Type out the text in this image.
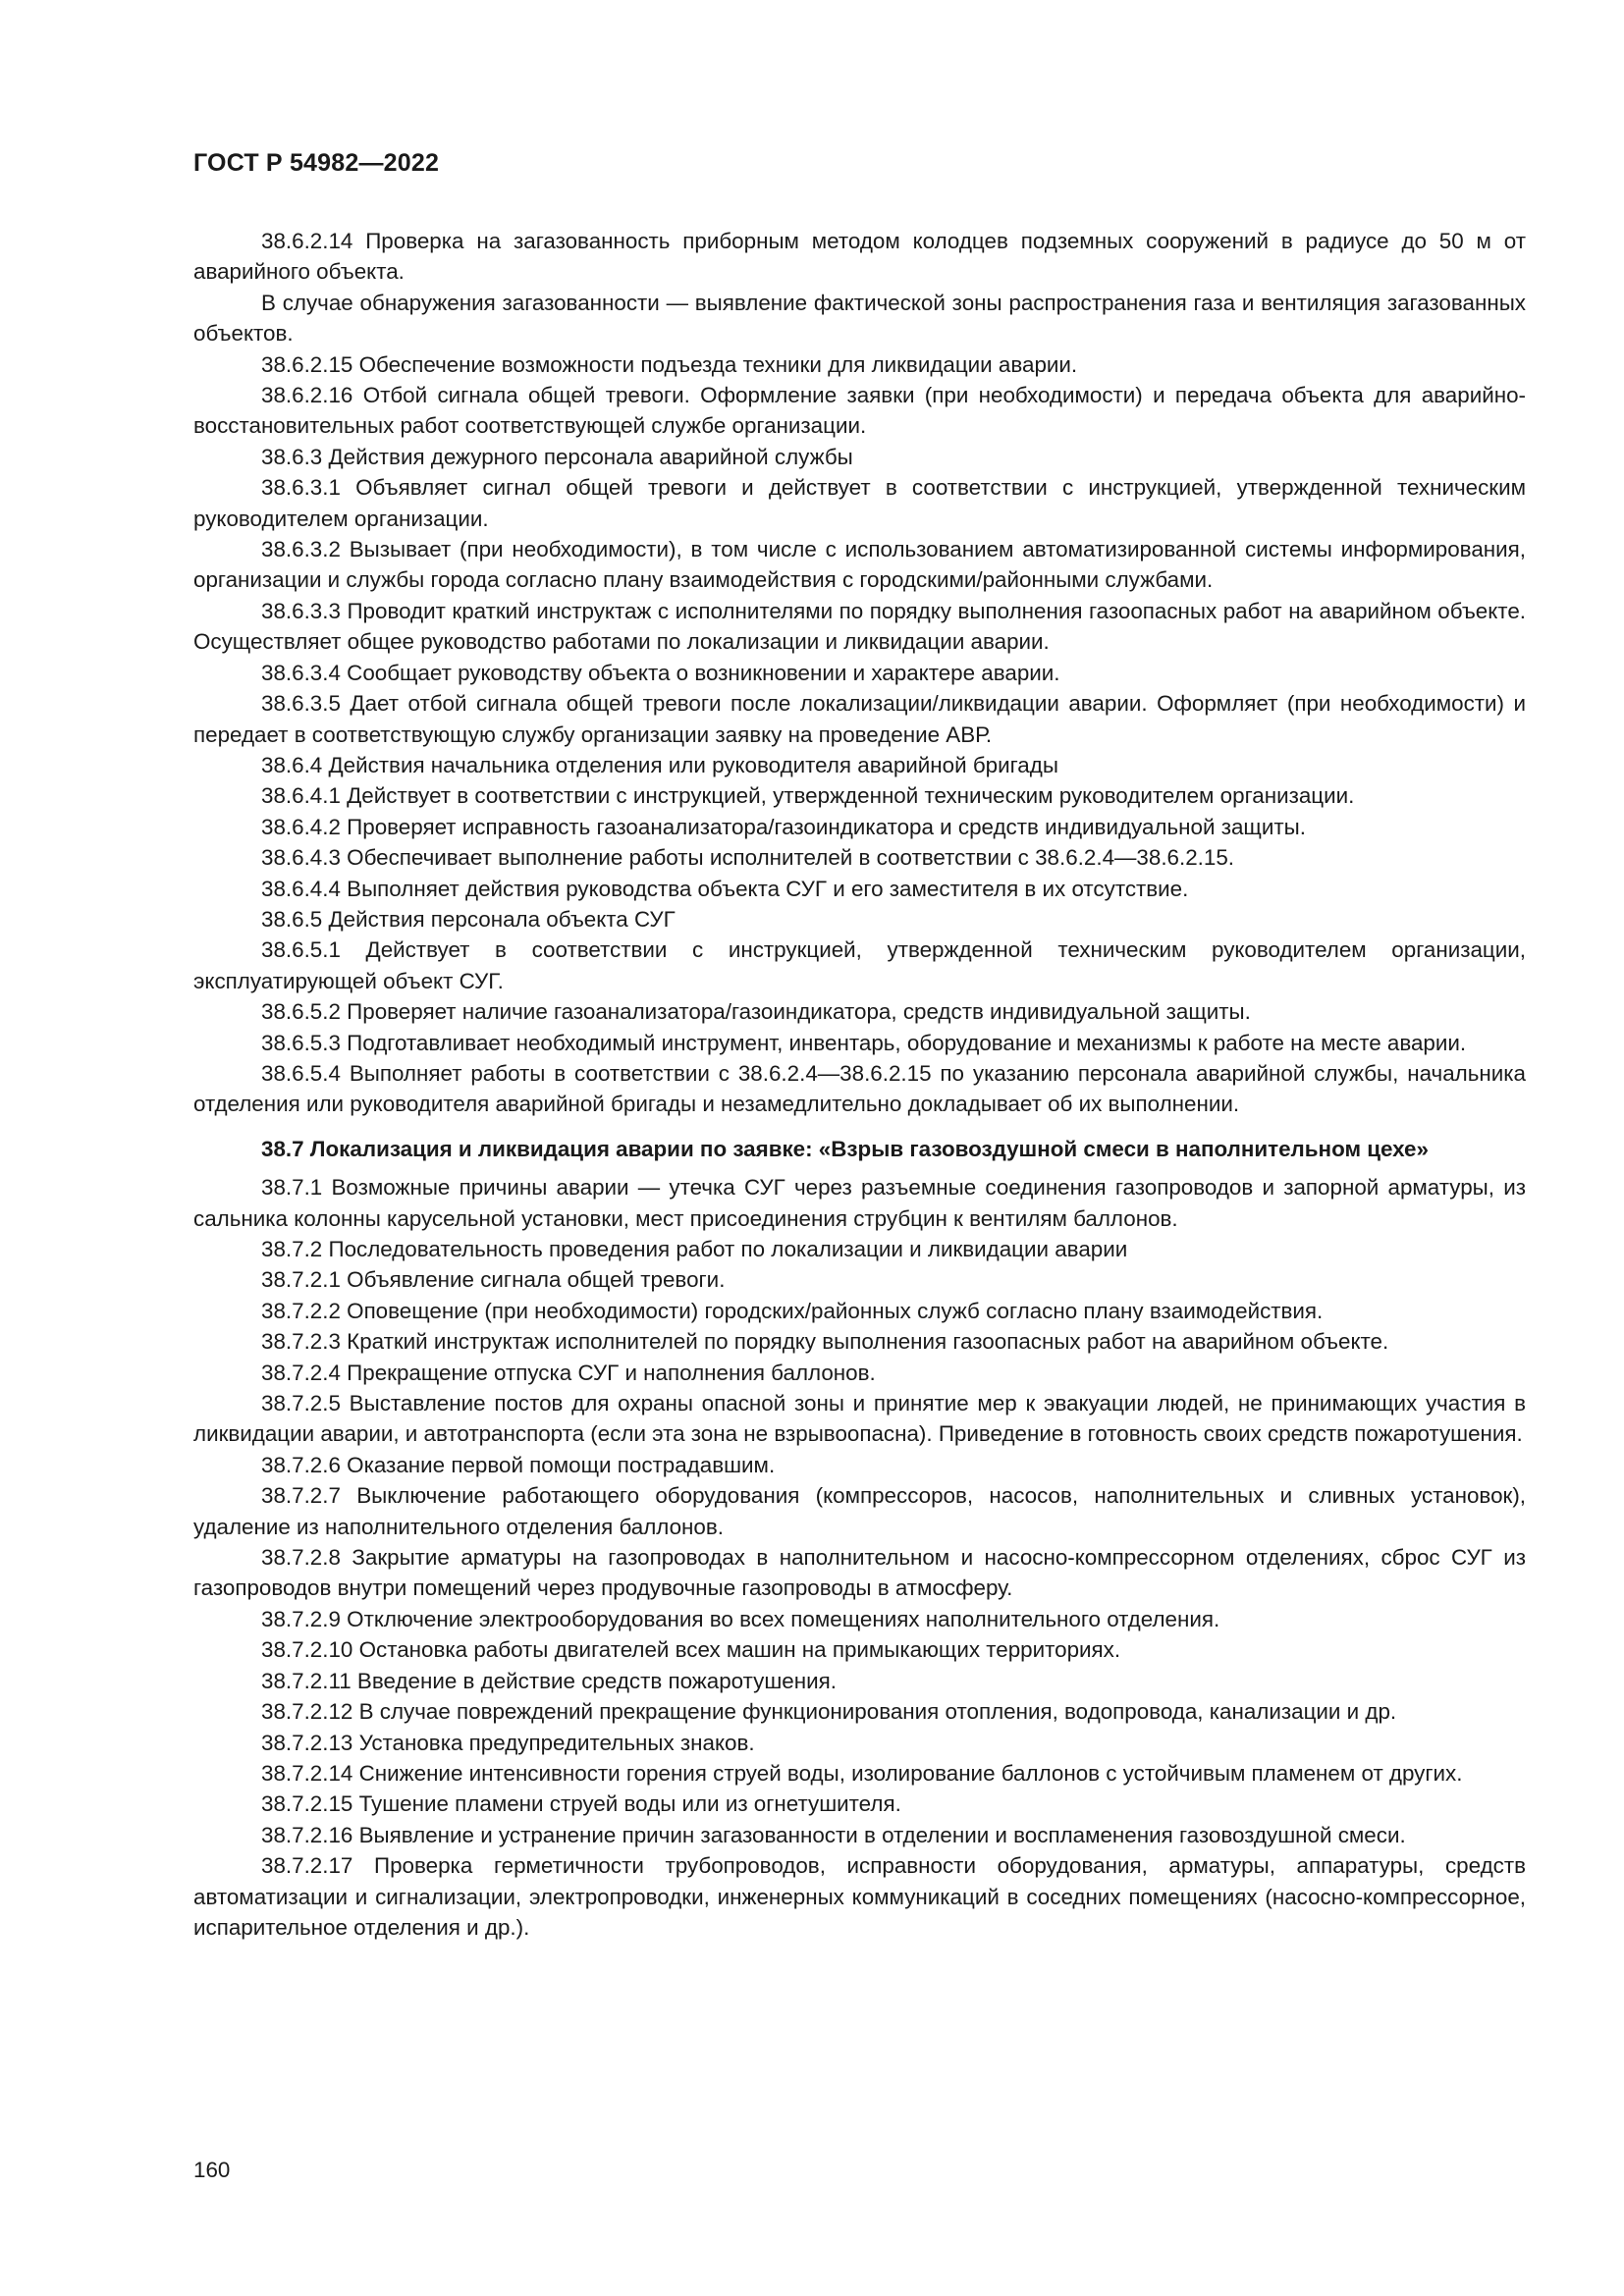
ГОСТ Р 54982—2022

38.6.2.14 Проверка на загазованность приборным методом колодцев подземных сооружений в радиусе до 50 м от аварийного объекта.

В случае обнаружения загазованности — выявление фактической зоны распространения газа и вентиляция загазованных объектов.

38.6.2.15 Обеспечение возможности подъезда техники для ликвидации аварии.

38.6.2.16 Отбой сигнала общей тревоги. Оформление заявки (при необходимости) и передача объекта для аварийно-восстановительных работ соответствующей службе организации.

38.6.3 Действия дежурного персонала аварийной службы

38.6.3.1 Объявляет сигнал общей тревоги и действует в соответствии с инструкцией, утвержденной техническим руководителем организации.

38.6.3.2 Вызывает (при необходимости), в том числе с использованием автоматизированной системы информирования, организации и службы города согласно плану взаимодействия с городскими/районными службами.

38.6.3.3 Проводит краткий инструктаж с исполнителями по порядку выполнения газоопасных работ на аварийном объекте. Осуществляет общее руководство работами по локализации и ликвидации аварии.

38.6.3.4 Сообщает руководству объекта о возникновении и характере аварии.

38.6.3.5 Дает отбой сигнала общей тревоги после локализации/ликвидации аварии. Оформляет (при необходимости) и передает в соответствующую службу организации заявку на проведение АВР.

38.6.4 Действия начальника отделения или руководителя аварийной бригады

38.6.4.1 Действует в соответствии с инструкцией, утвержденной техническим руководителем организации.

38.6.4.2 Проверяет исправность газоанализатора/газоиндикатора и средств индивидуальной защиты.

38.6.4.3 Обеспечивает выполнение работы исполнителей в соответствии с 38.6.2.4—38.6.2.15.

38.6.4.4 Выполняет действия руководства объекта СУГ и его заместителя в их отсутствие.

38.6.5 Действия персонала объекта СУГ

38.6.5.1 Действует в соответствии с инструкцией, утвержденной техническим руководителем организации, эксплуатирующей объект СУГ.

38.6.5.2 Проверяет наличие газоанализатора/газоиндикатора, средств индивидуальной защиты.

38.6.5.3 Подготавливает необходимый инструмент, инвентарь, оборудование и механизмы к работе на месте аварии.

38.6.5.4 Выполняет работы в соответствии с 38.6.2.4—38.6.2.15 по указанию персонала аварийной службы, начальника отделения или руководителя аварийной бригады и незамедлительно докладывает об их выполнении.

38.7 Локализация и ликвидация аварии по заявке: «Взрыв газовоздушной смеси в наполнительном цехе»

38.7.1 Возможные причины аварии — утечка СУГ через разъемные соединения газопроводов и запорной арматуры, из сальника колонны карусельной установки, мест присоединения струбцин к вентилям баллонов.

38.7.2 Последовательность проведения работ по локализации и ликвидации аварии

38.7.2.1 Объявление сигнала общей тревоги.

38.7.2.2 Оповещение (при необходимости) городских/районных служб согласно плану взаимодействия.

38.7.2.3 Краткий инструктаж исполнителей по порядку выполнения газоопасных работ на аварийном объекте.

38.7.2.4 Прекращение отпуска СУГ и наполнения баллонов.

38.7.2.5 Выставление постов для охраны опасной зоны и принятие мер к эвакуации людей, не принимающих участия в ликвидации аварии, и автотранспорта (если эта зона не взрывоопасна). Приведение в готовность своих средств пожаротушения.

38.7.2.6 Оказание первой помощи пострадавшим.

38.7.2.7 Выключение работающего оборудования (компрессоров, насосов, наполнительных и сливных установок), удаление из наполнительного отделения баллонов.

38.7.2.8 Закрытие арматуры на газопроводах в наполнительном и насосно-компрессорном отделениях, сброс СУГ из газопроводов внутри помещений через продувочные газопроводы в атмосферу.

38.7.2.9 Отключение электрооборудования во всех помещениях наполнительного отделения.

38.7.2.10 Остановка работы двигателей всех машин на примыкающих территориях.

38.7.2.11 Введение в действие средств пожаротушения.

38.7.2.12 В случае повреждений прекращение функционирования отопления, водопровода, канализации и др.

38.7.2.13 Установка предупредительных знаков.

38.7.2.14 Снижение интенсивности горения струей воды, изолирование баллонов с устойчивым пламенем от других.

38.7.2.15 Тушение пламени струей воды или из огнетушителя.

38.7.2.16 Выявление и устранение причин загазованности в отделении и воспламенения газовоздушной смеси.

38.7.2.17 Проверка герметичности трубопроводов, исправности оборудования, арматуры, аппаратуры, средств автоматизации и сигнализации, электропроводки, инженерных коммуникаций в соседних помещениях (насосно-компрессорное, испарительное отделения и др.).

160
